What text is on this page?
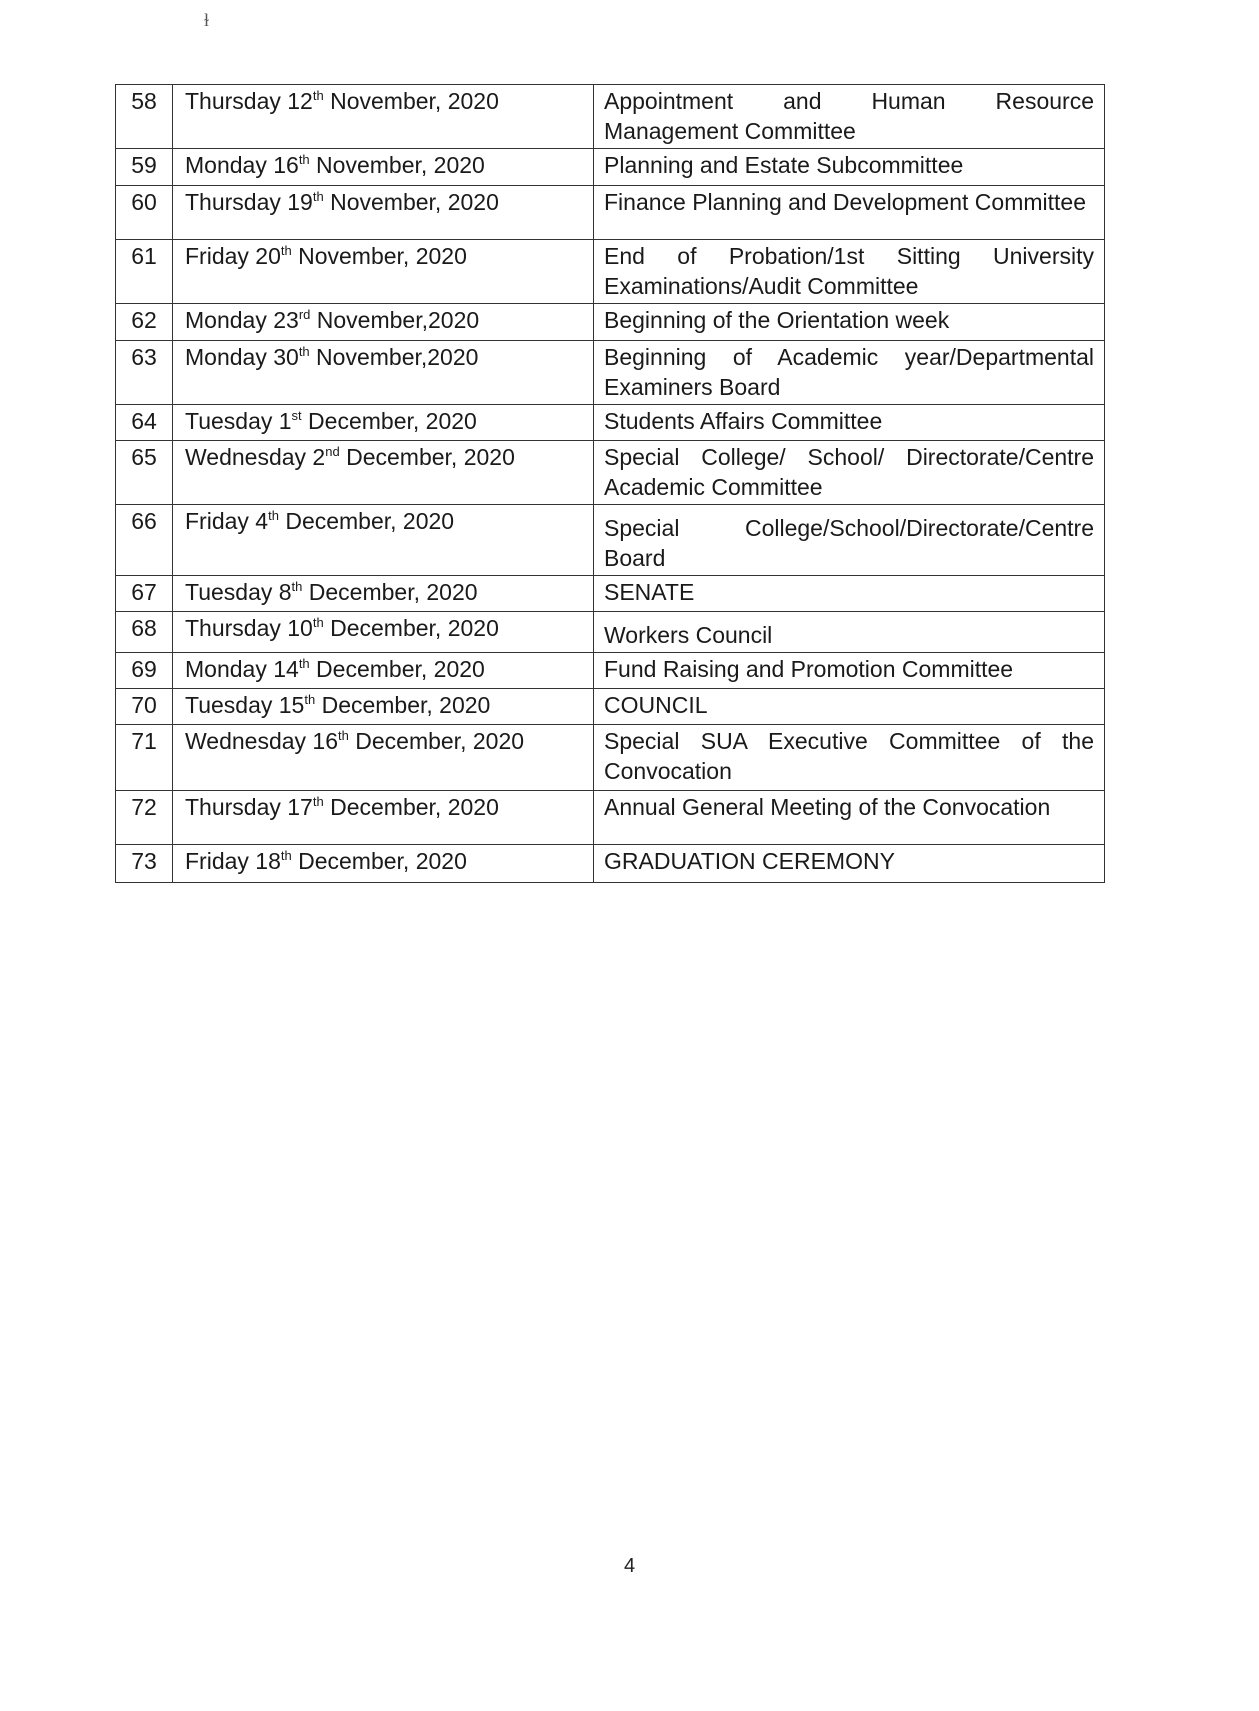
ɫ
58	Thursday 12th November, 2020	Appointment and Human Resource Management Committee
59	Monday 16th November, 2020	Planning and Estate Subcommittee
60	Thursday 19th November, 2020	Finance Planning and Development Committee
61	Friday 20th November, 2020	End of Probation/1st Sitting University Examinations/Audit Committee
62	Monday 23rd November,2020	Beginning of the Orientation week
63	Monday 30th November,2020	Beginning of Academic year/Departmental Examiners Board
64	Tuesday 1st December, 2020	Students Affairs Committee
65	Wednesday 2nd December, 2020	Special College/ School/ Directorate/Centre Academic Committee
66	Friday 4th December, 2020	Special College/School/Directorate/Centre Board
67	Tuesday 8th December, 2020	SENATE
68	Thursday 10th December, 2020	Workers Council
69	Monday 14th December, 2020	Fund Raising and Promotion Committee
70	Tuesday 15th December, 2020	COUNCIL
71	Wednesday 16th December, 2020	Special SUA Executive Committee of the Convocation
72	Thursday 17th December, 2020	Annual General Meeting of the Convocation
73	Friday 18th December, 2020	GRADUATION CEREMONY
4
